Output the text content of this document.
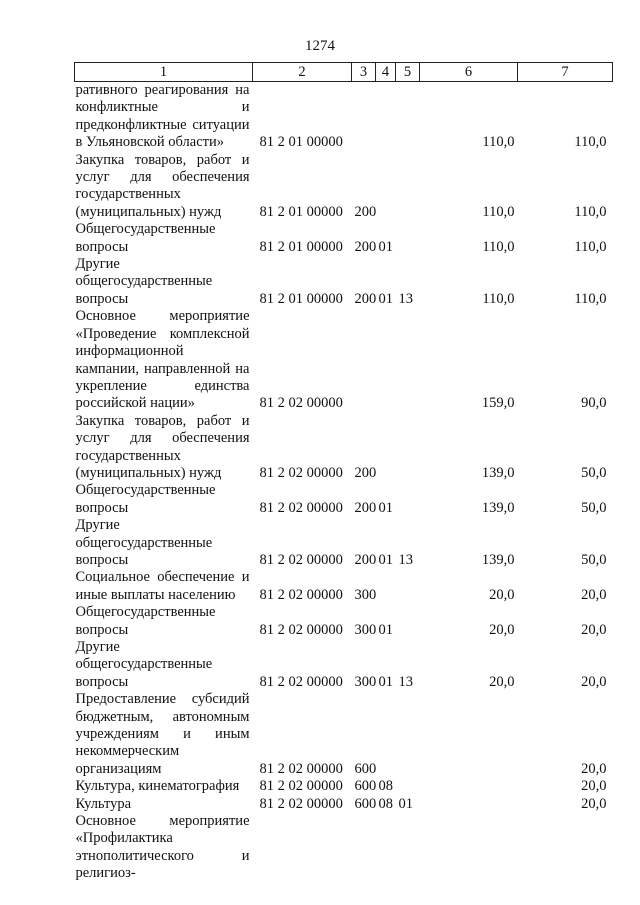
1274
1	2	3	4	5	6	7
ративного реагирования на конфликтные и предконфликтные ситуации в Ульяновской области»	81 2 01 00000				110,0	110,0
Закупка товаров, работ и услуг для обеспечения государственных (муниципальных) нужд	81 2 01 00000	200			110,0	110,0
Общегосударственные вопросы	81 2 01 00000	200	01		110,0	110,0
Другие общегосударственные вопросы	81 2 01 00000	200	01	13	110,0	110,0
Основное мероприятие «Проведение комплексной информационной кампании, направленной на укрепление единства российской нации»	81 2 02 00000				159,0	90,0
Закупка товаров, работ и услуг для обеспечения государственных (муниципальных) нужд	81 2 02 00000	200			139,0	50,0
Общегосударственные вопросы	81 2 02 00000	200	01		139,0	50,0
Другие общегосударственные вопросы	81 2 02 00000	200	01	13	139,0	50,0
Социальное обеспечение и иные выплаты населению	81 2 02 00000	300			20,0	20,0
Общегосударственные вопросы	81 2 02 00000	300	01		20,0	20,0
Другие общегосударственные вопросы	81 2 02 00000	300	01	13	20,0	20,0
Предоставление субсидий бюджетным, автономным учреждениям и иным некоммерческим организациям	81 2 02 00000	600				20,0
Культура, кинематография	81 2 02 00000	600	08			20,0
Культура	81 2 02 00000	600	08	01		20,0
Основное мероприятие «Профилактика этнополитического и религиоз-						
